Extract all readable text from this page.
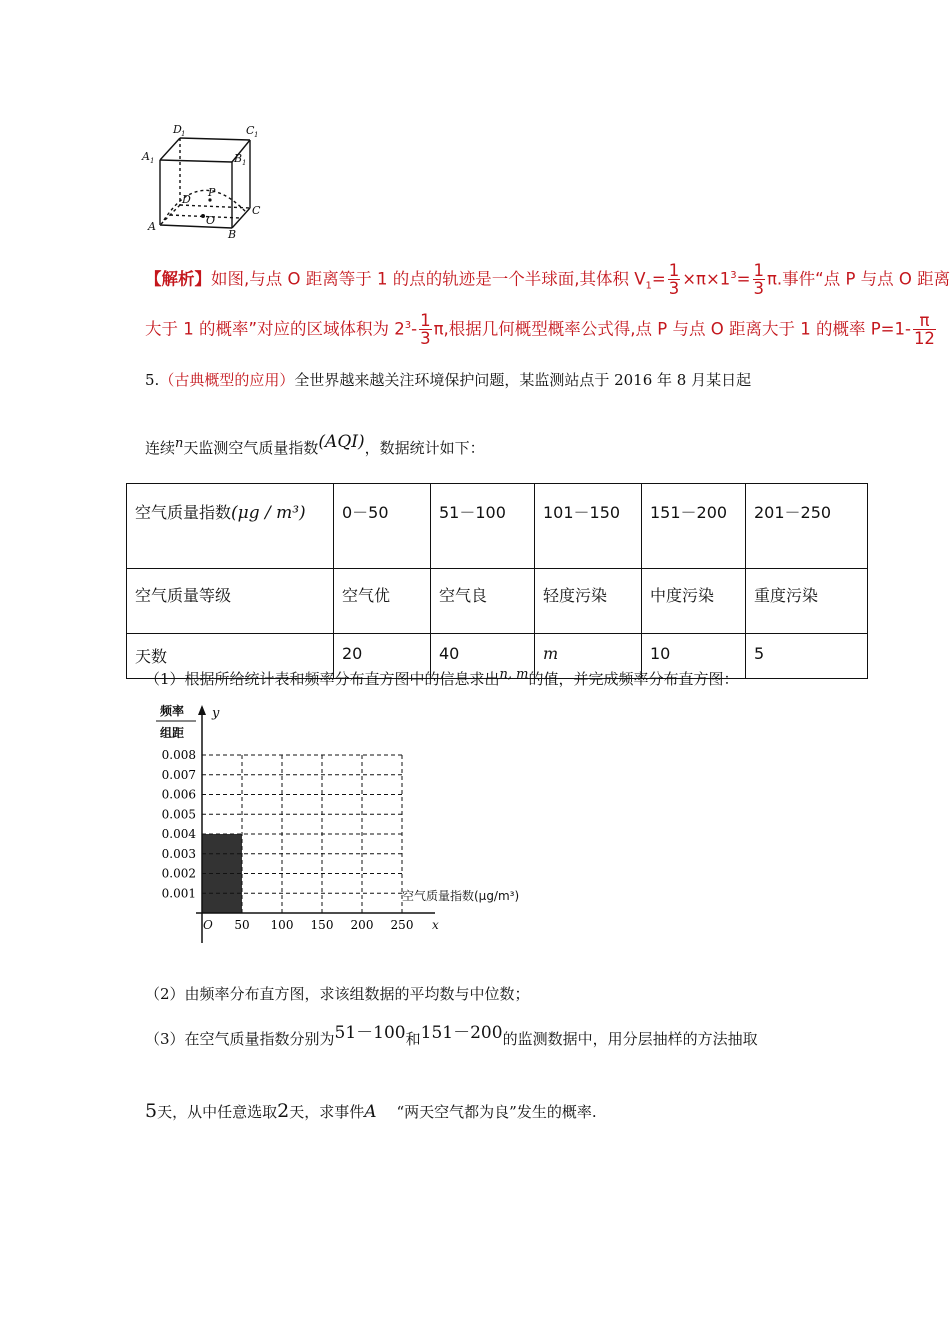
D 1	C 1
A 1	B 1
D
P
O
A
B
C
【解析】如图,与点 O 距离等于 1 的点的轨迹是一个半球面,其体积 $V_1= \frac{1}{3} \times\pi\times 1^3= \frac{1}{3} \pi$.事件“点 P 与点 O 距离
大于 1 的概率”对应的区域体积为 $2^3- \frac{1}{3} \pi$,根据几何概型概率公式得,点 P 与点 O 距离大于 1 的概率 $P=1- \frac{\pi}{12}$
5.（古典概型的应用）全世界越来越关注环境保护问题，某监测站点于 2016 年 8 月某日起
连续$^n$天监测空气质量指数$^{(AQI)}$，数据统计如下：
空气质量指数(μg / m³)	0－50	51－100	101－150	151－200	201－250
空气质量等级	空气优	空气良	轻度污染	中度污染	重度污染
天数	20	40	m	10	5
（1）根据所给统计表和频率分布直方图中的信息求出$^{n, m}$的值，并完成频率分布直方图：
频率
组距
y
x
O
空气质量指数(μg/m³)
0.001
0.002
0.003
0.004
0.005
0.006
0.007
0.008
50 100 150 200 250
（2）由频率分布直方图，求该组数据的平均数与中位数；
（3）在空气质量指数分别为$^{51-100}$和$^{151-200}$的监测数据中，用分层抽样的方法抽取
5天，从中任意选取2天，求事件A “两天空气都为良”发生的概率.
